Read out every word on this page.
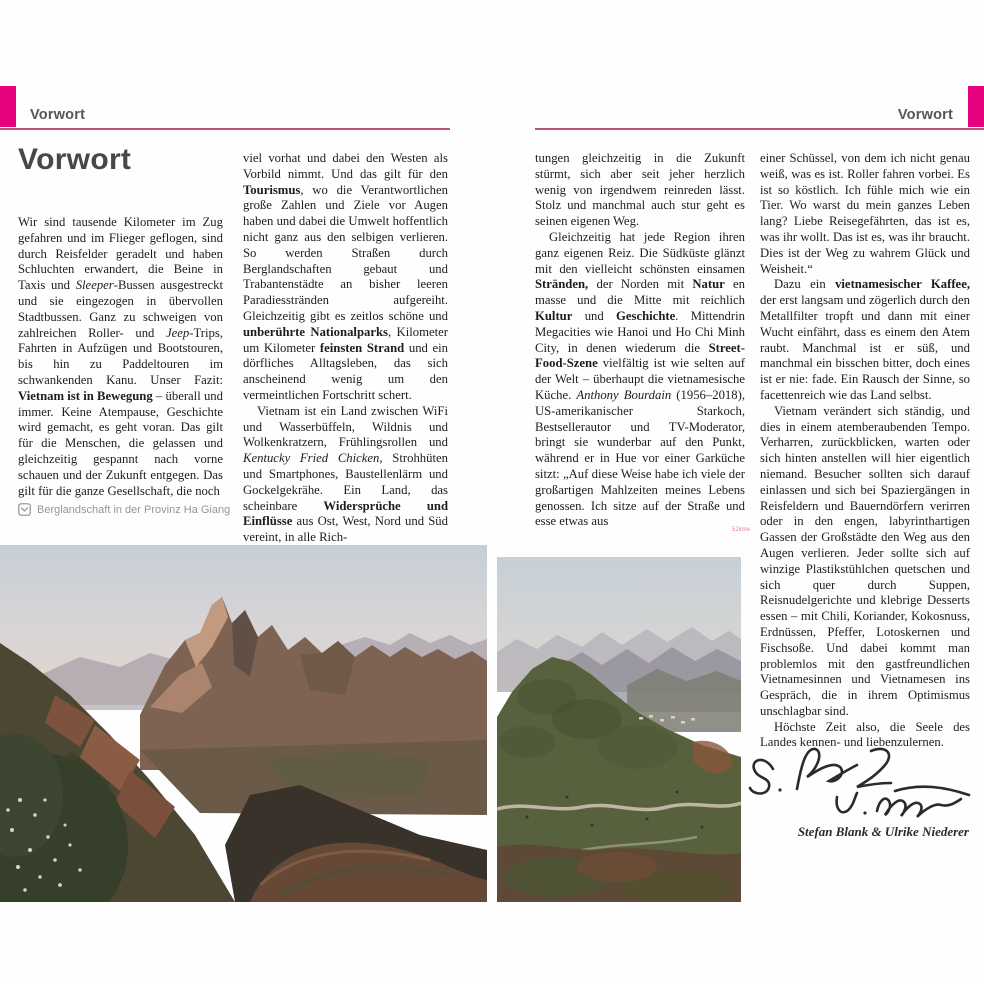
Vorwort	Vorwort
Vorwort

Wir sind tausende Kilometer im Zug gefahren und im Flieger geflogen, sind durch Reisfelder geradelt und haben Schluchten erwandert, die Beine in Taxis und Sleeper-Bussen ausgestreckt und sie eingezogen in übervollen Stadtbussen. Ganz zu schweigen von zahlreichen Roller- und Jeep-Trips, Fahrten in Aufzügen und Bootstouren, bis hin zu Paddeltouren im schwankenden Kanu. Unser Fazit: Vietnam ist in Bewegung – überall und immer. Keine Atempause, Geschichte wird gemacht, es geht voran. Das gilt für die Menschen, die gelassen und gleichzeitig gespannt nach vorne schauen und der Zukunft entgegen. Das gilt für die ganze Gesellschaft, die noch

Berglandschaft in der Provinz Ha Giang

viel vorhat und dabei den Westen als Vorbild nimmt. Und das gilt für den Tourismus, wo die Verantwortlichen große Zahlen und Ziele vor Augen haben und dabei die Umwelt hoffentlich nicht ganz aus den selbigen verlieren. So werden Straßen durch Berglandschaften gebaut und Trabantenstädte an bisher leeren Paradiesstränden aufgereiht. Gleichzeitig gibt es zeitlos schöne und unberührte Nationalparks, Kilometer um Kilometer feinsten Strand und ein dörfliches Alltagsleben, das sich anscheinend wenig um den vermeintlichen Fortschritt schert.

Vietnam ist ein Land zwischen WiFi und Wasserbüffeln, Wildnis und Wolkenkratzern, Frühlingsrollen und Kentucky Fried Chicken, Strohhüten und Smartphones, Baustellenlärm und Gockelgekrähe. Ein Land, das scheinbare Widersprüche und Einflüsse aus Ost, West, Nord und Süd vereint, in alle Rich-

tungen gleichzeitig in die Zukunft stürmt, sich aber seit jeher herzlich wenig von irgendwem reinreden lässt. Stolz und manchmal auch stur geht es seinen eigenen Weg.

Gleichzeitig hat jede Region ihren ganz eigenen Reiz. Die Südküste glänzt mit den vielleicht schönsten einsamen Stränden, der Norden mit Natur en masse und die Mitte mit reichlich Kultur und Geschichte. Mittendrin Megacities wie Hanoi und Ho Chi Minh City, in denen wiederum die Street-Food-Szene vielfältig ist wie selten auf der Welt – überhaupt die vietnamesische Küche. Anthony Bourdain (1956–2018), US-amerikanischer Starkoch, Bestsellerautor und TV-Moderator, bringt sie wunderbar auf den Punkt, während er in Hue vor einer Garküche sitzt: „Auf diese Weise habe ich viele der großartigen Mahlzeiten meines Lebens genossen. Ich sitze auf der Straße und esse etwas aus

einer Schüssel, von dem ich nicht genau weiß, was es ist. Roller fahren vorbei. Es ist so köstlich. Ich fühle mich wie ein Tier. Wo warst du mein ganzes Leben lang? Liebe Reisegefährten, das ist es, was ihr wollt. Das ist es, was ihr braucht. Dies ist der Weg zu wahrem Glück und Weisheit.“

Dazu ein vietnamesischer Kaffee, der erst langsam und zögerlich durch den Metallfilter tropft und dann mit einer Wucht einfährt, dass es einem den Atem raubt. Manchmal ist er süß, und manchmal ein bisschen bitter, doch eines ist er nie: fade. Ein Rausch der Sinne, so facettenreich wie das Land selbst.

Vietnam verändert sich ständig, und dies in einem atemberaubenden Tempo. Verharren, zurückblicken, warten oder sich hinten anstellen will hier eigentlich niemand. Besucher sollten sich darauf einlassen und sich bei Spaziergängen in Reisfeldern und Bauerndörfern verirren oder in den engen, labyrinthartigen Gassen der Großstädte den Weg aus den Augen verlieren. Jeder sollte sich auf winzige Plastikstühlchen quetschen und sich quer durch Suppen, Reisnudelgerichte und klebrige Desserts essen – mit Chili, Koriander, Kokosnuss, Erdnüssen, Pfeffer, Lotoskernen und Fischsoße. Und dabei kommt man problemlos mit den gastfreundlichen Vietnamesinnen und Vietnamesen ins Gespräch, die in ihrem Optimismus unschlagbar sind.

Höchste Zeit also, die Seele des Landes kennen- und liebenzulernen.

52kme
Stefan Blank & Ulrike Niederer
